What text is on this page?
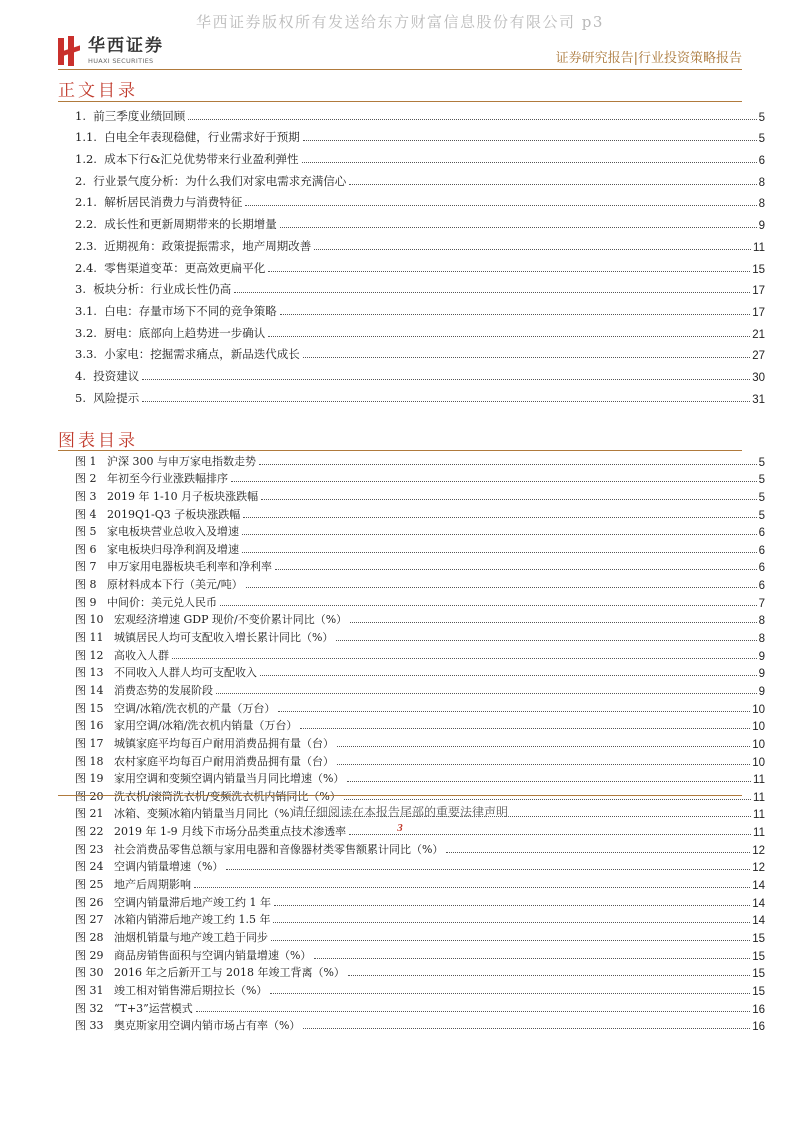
华西证券版权所有发送给东方财富信息股份有限公司 p3
华西证券
HUAXI SECURITIES	证券研究报告|行业投资策略报告
正文目录
1.  前三季度业绩回顾	5
1.1.  白电全年表现稳健，行业需求好于预期	5
1.2.  成本下行&汇兑优势带来行业盈利弹性	6
2.  行业景气度分析：为什么我们对家电需求充满信心	8
2.1.  解析居民消费力与消费特征	8
2.2.  成长性和更新周期带来的长期增量	9
2.3.  近期视角：政策提振需求，地产周期改善	11
2.4.  零售渠道变革：更高效更扁平化	15
3.  板块分析：行业成长性仍高	17
3.1.  白电：存量市场下不同的竞争策略	17
3.2.  厨电：底部向上趋势进一步确认	21
3.3.  小家电：挖掘需求痛点，新品迭代成长	27
4.  投资建议	30
5.  风险提示	31
图表目录
图 1   沪深 300 与申万家电指数走势	5
图 2   年初至今行业涨跌幅排序	5
图 3   2019 年 1-10 月子板块涨跌幅	5
图 4   2019Q1-Q3 子板块涨跌幅	5
图 5   家电板块营业总收入及增速	6
图 6   家电板块归母净利润及增速	6
图 7   申万家用电器板块毛利率和净利率	6
图 8   原材料成本下行（美元/吨）	6
图 9   中间价：美元兑人民币	7
图 10   宏观经济增速 GDP 现价/不变价累计同比（%）	8
图 11   城镇居民人均可支配收入增长累计同比（%）	8
图 12   高收入人群	9
图 13   不同收入人群人均可支配收入	9
图 14   消费态势的发展阶段	9
图 15   空调/冰箱/洗衣机的产量（万台）	10
图 16   家用空调/冰箱/洗衣机内销量（万台）	10
图 17   城镇家庭平均每百户耐用消费品拥有量（台）	10
图 18   农村家庭平均每百户耐用消费品拥有量（台）	10
图 19   家用空调和变频空调内销量当月同比增速（%）	11
图 20   洗衣机/滚筒洗衣机/变频洗衣机内销同比（%）	11
图 21   冰箱、变频冰箱内销量当月同比（%）	11
图 22   2019 年 1-9 月线下市场分品类重点技术渗透率	11
图 23   社会消费品零售总额与家用电器和音像器材类零售额累计同比（%）	12
图 24   空调内销量增速（%）	12
图 25   地产后周期影响	14
图 26   空调内销量滞后地产竣工约 1 年	14
图 27   冰箱内销滞后地产竣工约 1.5 年	14
图 28   油烟机销量与地产竣工趋于同步	15
图 29   商品房销售面积与空调内销量增速（%）	15
图 30   2016 年之后新开工与 2018 年竣工背离（%）	15
图 31   竣工相对销售滞后期拉长（%）	15
图 32   “T+3”运营模式	16
图 33   奥克斯家用空调内销市场占有率（%）	16
请仔细阅读在本报告尾部的重要法律声明
3
